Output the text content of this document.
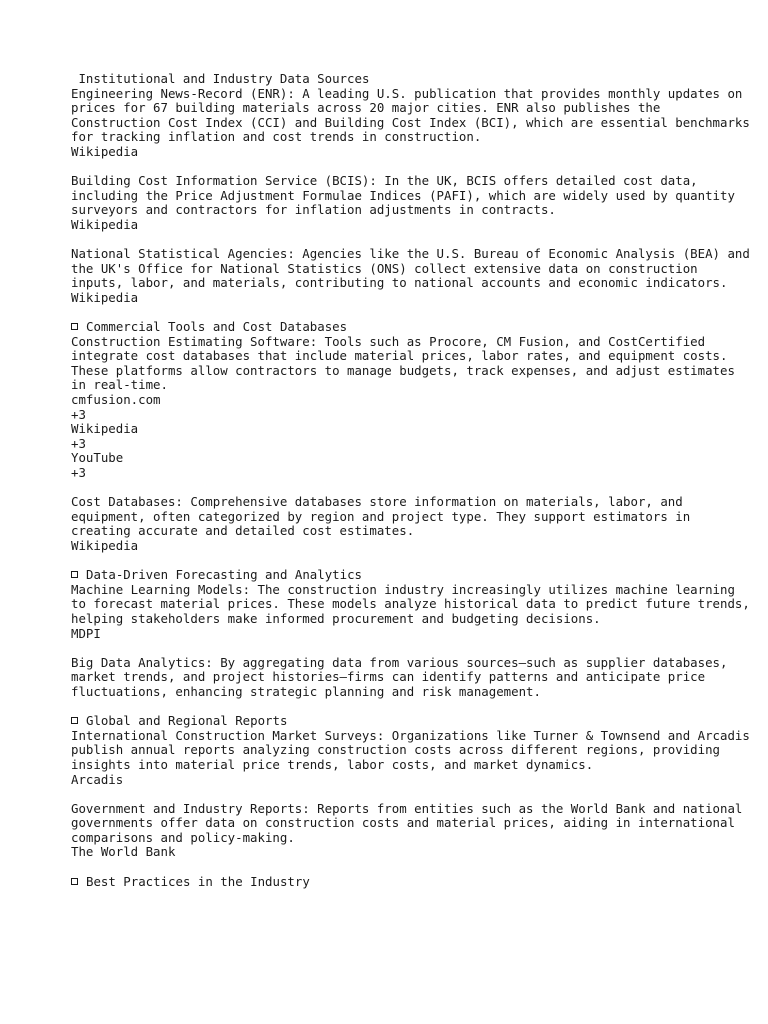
Institutional and Industry Data Sources
Engineering News-Record (ENR): A leading U.S. publication that provides monthly updates on prices for 67 building materials across 20 major cities. ENR also publishes the Construction Cost Index (CCI) and Building Cost Index (BCI), which are essential benchmarks for tracking inflation and cost trends in construction.
Wikipedia
Building Cost Information Service (BCIS): In the UK, BCIS offers detailed cost data, including the Price Adjustment Formulae Indices (PAFI), which are widely used by quantity surveyors and contractors for inflation adjustments in contracts.
Wikipedia
National Statistical Agencies: Agencies like the U.S. Bureau of Economic Analysis (BEA) and the UK's Office for National Statistics (ONS) collect extensive data on construction inputs, labor, and materials, contributing to national accounts and economic indicators.
Wikipedia
Commercial Tools and Cost Databases
Construction Estimating Software: Tools such as Procore, CM Fusion, and CostCertified integrate cost databases that include material prices, labor rates, and equipment costs. These platforms allow contractors to manage budgets, track expenses, and adjust estimates in real-time.
cmfusion.com
+3
Wikipedia
+3
YouTube
+3
Cost Databases: Comprehensive databases store information on materials, labor, and equipment, often categorized by region and project type. They support estimators in creating accurate and detailed cost estimates.
Wikipedia
Data-Driven Forecasting and Analytics
Machine Learning Models: The construction industry increasingly utilizes machine learning to forecast material prices. These models analyze historical data to predict future trends, helping stakeholders make informed procurement and budgeting decisions.
MDPI
Big Data Analytics: By aggregating data from various sources—such as supplier databases, market trends, and project histories—firms can identify patterns and anticipate price fluctuations, enhancing strategic planning and risk management.
Global and Regional Reports
International Construction Market Surveys: Organizations like Turner & Townsend and Arcadis publish annual reports analyzing construction costs across different regions, providing insights into material price trends, labor costs, and market dynamics.
Arcadis
Government and Industry Reports: Reports from entities such as the World Bank and national governments offer data on construction costs and material prices, aiding in international comparisons and policy-making.
The World Bank
Best Practices in the Industry
